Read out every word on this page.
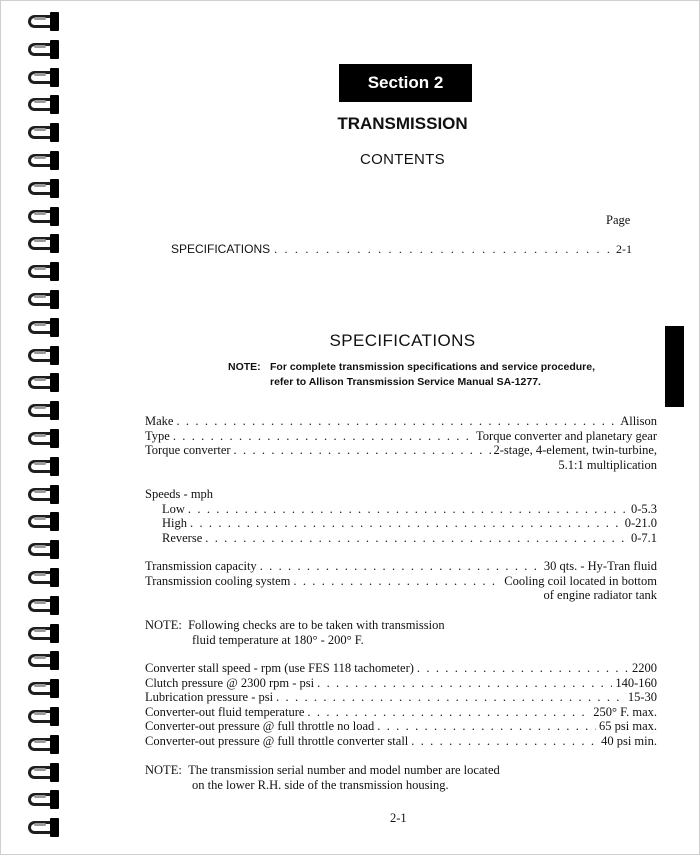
Section 2
TRANSMISSION
CONTENTS
Page
SPECIFICATIONS . . .	2-1
SPECIFICATIONS
NOTE: For complete transmission specifications and service procedure,
refer to Allison Transmission Service Manual SA-1277.
Make . . .	Allison
Type . . .	Torque converter and planetary gear
Torque converter . . .	2-stage, 4-element, twin-turbine,
5.1:1 multiplication
Speeds - mph
Low . . .	0-5.3
High . . .	0-21.0
Reverse . . .	0-7.1
Transmission capacity . . .	30 qts. - Hy-Tran fluid
Transmission cooling system . . .	Cooling coil located in bottom
of engine radiator tank
NOTE: Following checks are to be taken with transmission
fluid temperature at 180° - 200° F.
Converter stall speed - rpm (use FES 118 tachometer) . . .	2200
Clutch pressure @ 2300 rpm - psi . . .	140-160
Lubrication pressure - psi . . .	15-30
Converter-out fluid temperature . . .	250° F. max.
Converter-out pressure @ full throttle no load . . .	65 psi max.
Converter-out pressure @ full throttle converter stall . . .	40 psi min.
NOTE: The transmission serial number and model number are located
on the lower R.H. side of the transmission housing.
2-1
